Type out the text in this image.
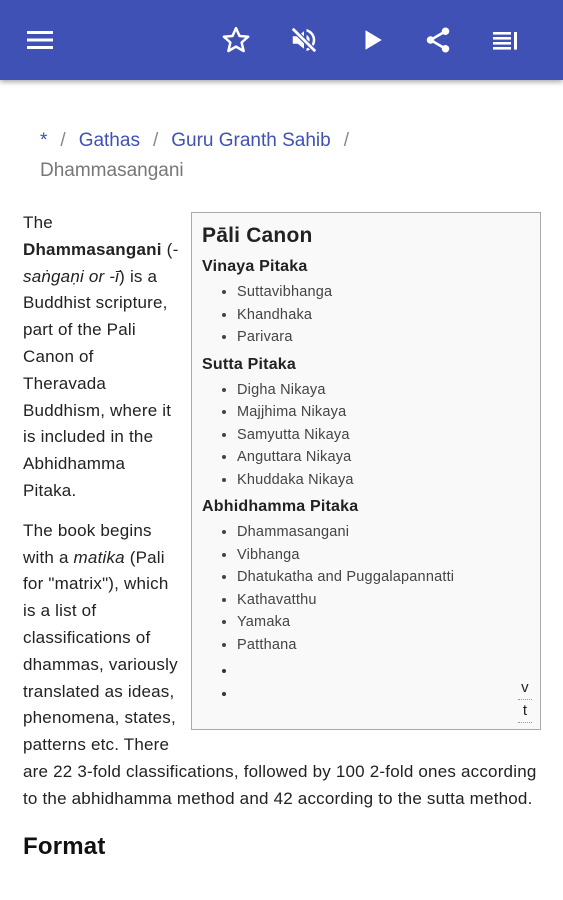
* / Gathas / Guru Granth Sahib /
Dhammasangani
Pāli Canon
Vinaya Pitaka
• Suttavibhanga
• Khandhaka
• Parivara
Sutta Pitaka
• Digha Nikaya
• Majjhima Nikaya
• Samyutta Nikaya
• Anguttara Nikaya
• Khuddaka Nikaya
Abhidhamma Pitaka
• Dhammasangani
• Vibhanga
• Dhatukatha and Puggalapannatti
• Kathavatthu
• Yamaka
• Patthana
•
•
v
t

The Dhammasangani (-saṅgaṇi or -ī) is a Buddhist scripture, part of the Pali Canon of Theravada Buddhism, where it is included in the Abhidhamma Pitaka.

The book begins with a matika (Pali for "matrix"), which is a list of classifications of dhammas, variously translated as ideas, phenomena, states, patterns etc. There are 22 3-fold classifications, followed by 100 2-fold ones according to the abhidhamma method and 42 according to the sutta method.

Format
